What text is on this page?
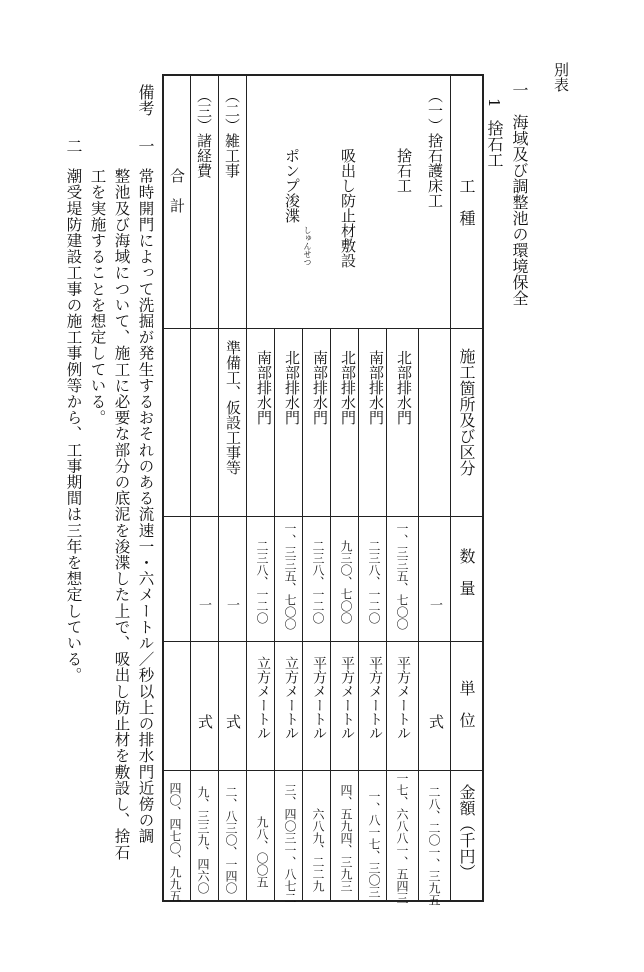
別表
一
海域及び調整池の環境保全
1
捨石工
工　種
施工箇所及び区分
数　量
単　位
金額（千円）
（一）捨石護床工
（二）雑工事
（三）諸経費
合　計	捨石工
吸出し防止材敷設
ポンプ浚渫
しゅんせつ
一
式
二八、二〇一、三九五
北部排水門
一、三三五、七〇〇
平方メートル
一七、六八八一、五四三
南部排水門
二三八、一二〇
平方メートル
一、八一七、三〇三
北部排水門
九三〇、七〇〇
平方メートル
四、五九四、三九三
南部排水門
二三八、一二〇
平方メートル
六八九、二二九
北部排水門
一、三三五、七〇〇
立方メートル
三、四〇三一、八七二
南部排水門
二三八、一二〇
立方メートル
九八、〇〇五
準備工、仮設工事等
一
式
二、八三〇、一四〇
一
式
九、三三九、四六〇
四〇、四七〇、九九五
備考
一
常時開門によって洗掘が発生するおそれのある流速一・六メートル／秒以上の排水門近傍の調
整池及び海域について、施工に必要な部分の底泥を浚渫した上で、吸出し防止材を敷設し、捨石
工を実施することを想定している。
二
潮受堤防建設工事の施工事例等から、工事期間は三年を想定している。
